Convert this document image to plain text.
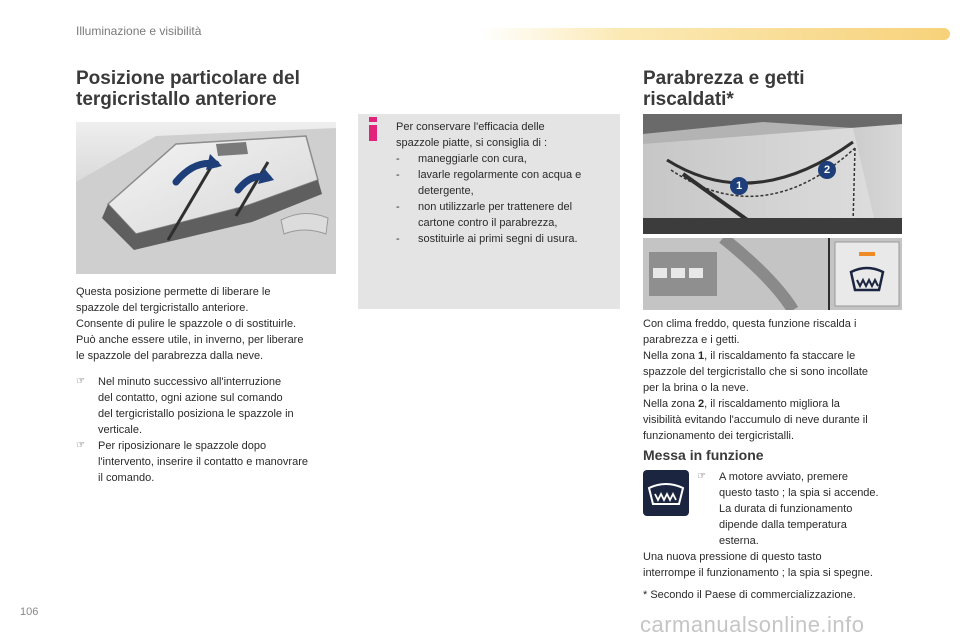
Illuminazione e visibilità
Posizione particolare del
tergicristallo anteriore
Questa posizione permette di liberare le
spazzole del tergicristallo anteriore.
Consente di pulire le spazzole o di sostituirle.
Può anche essere utile, in inverno, per liberare
le spazzole del parabrezza dalla neve.
☞	Nel minuto successivo all'interruzione
del contatto, ogni azione sul comando
del tergicristallo posiziona le spazzole in
verticale.
☞	Per riposizionare le spazzole dopo
l'intervento, inserire il contatto e manovrare
il comando.
Per conservare l'efficacia delle
spazzole piatte, si consiglia di :
-	maneggiarle con cura,
-	lavarle regolarmente con acqua e
detergente,
-	non utilizzarle per trattenere del
cartone contro il parabrezza,
-	sostituirle ai primi segni di usura.
Parabrezza e getti
riscaldati*
1
2
Con clima freddo, questa funzione riscalda i
parabrezza e i getti.
Nella zona 1, il riscaldamento fa staccare le
spazzole del tergicristallo che si sono incollate
per la brina o la neve.
Nella zona 2, il riscaldamento migliora la
visibilità evitando l'accumulo di neve durante il
funzionamento dei tergicristalli.
Messa in funzione
☞	A motore avviato, premere
questo tasto ; la spia si accende.
La durata di funzionamento
dipende dalla temperatura
esterna.
Una nuova pressione di questo tasto
interrompe il funzionamento ; la spia si spegne.
* Secondo il Paese di commercializzazione.
106	carmanualsonline.info
